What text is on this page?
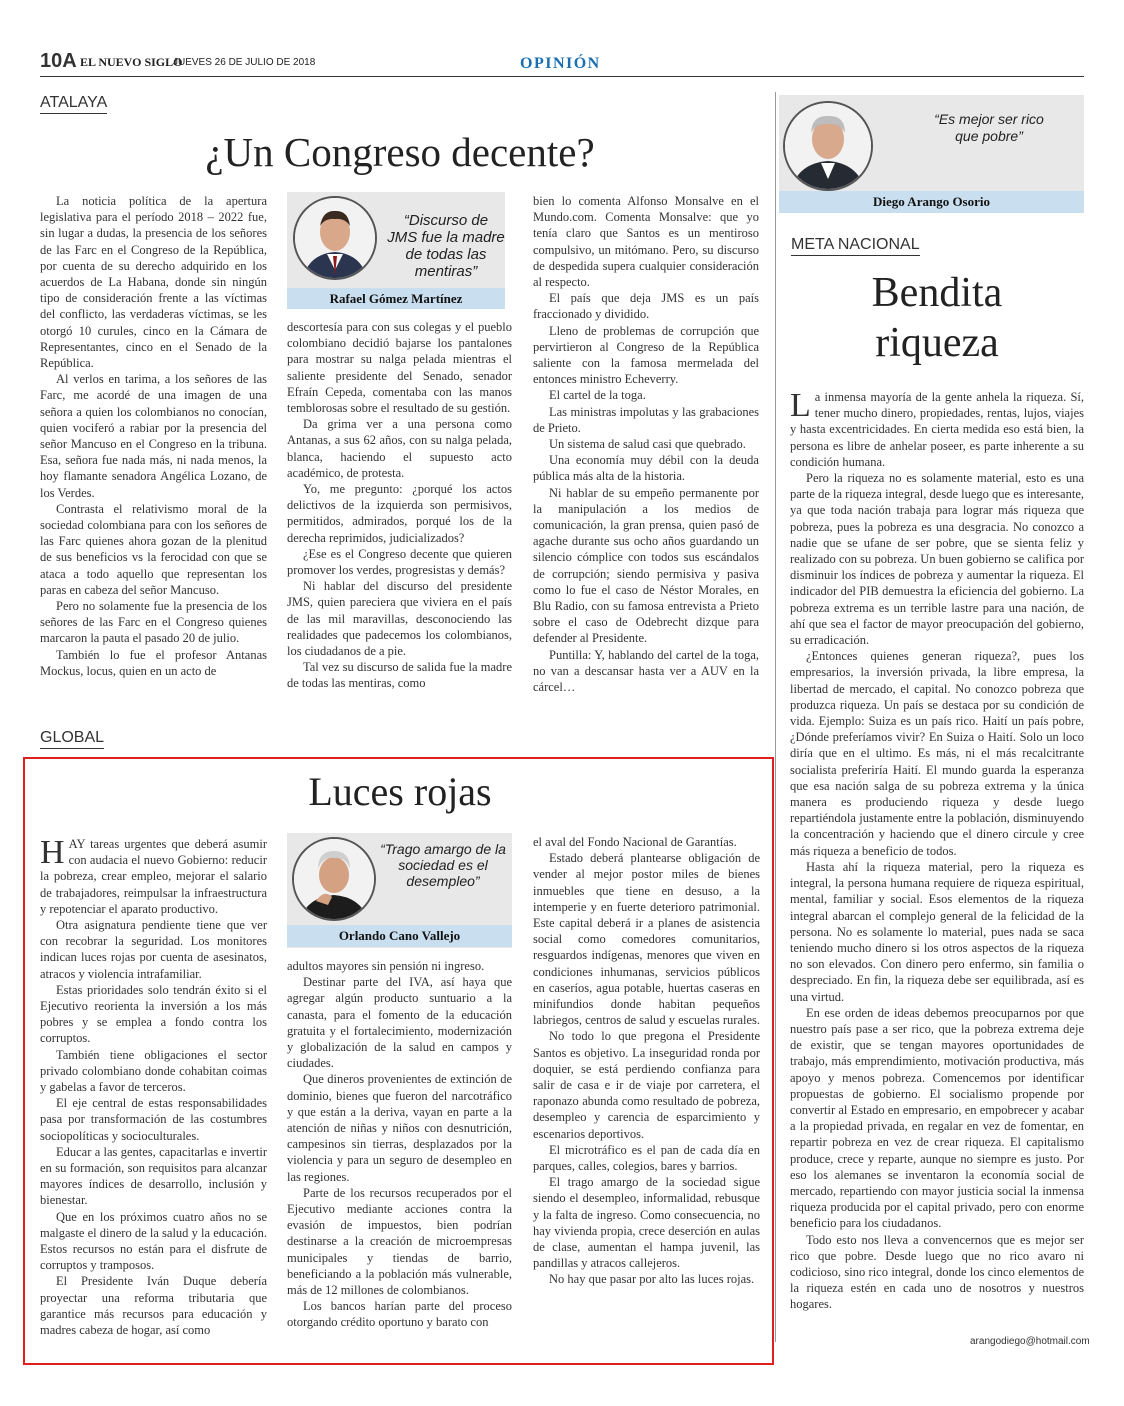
10A EL NUEVO SIGLO
JUEVES 26 DE JULIO DE 2018	OPINIÓN
ATALAYA
¿Un Congreso decente?

La noticia política de la apertura legislativa para el período 2018 – 2022 fue, sin lugar a dudas, la presencia de los señores de las Farc en el Congreso de la República, por cuenta de su derecho adquirido en los acuerdos de La Habana, donde sin ningún tipo de consideración frente a las víctimas del conflicto, las verdaderas víctimas, se les otorgó 10 curules, cinco en la Cámara de Representantes, cinco en el Senado de la República.

Al verlos en tarima, a los señores de las Farc, me acordé de una imagen de una señora a quien los colombianos no conocían, quien vociferó a rabiar por la presencia del señor Mancuso en el Congreso en la tribuna. Esa, señora fue nada más, ni nada menos, la hoy flamante senadora Angélica Lozano, de los Verdes.

Contrasta el relativismo moral de la sociedad colombiana para con los señores de las Farc quienes ahora gozan de la plenitud de sus beneficios vs la ferocidad con que se ataca a todo aquello que representan los paras en cabeza del señor Mancuso.

Pero no solamente fue la presencia de los señores de las Farc en el Congreso quienes marcaron la pauta el pasado 20 de julio.

También lo fue el profesor Antanas Mockus, locus, quien en un acto de

“Discurso de JMS fue la madre de todas las mentiras”
Rafael Gómez Martínez

descortesía para con sus colegas y el pueblo colombiano decidió bajarse los pantalones para mostrar su nalga pelada mientras el saliente presidente del Senado, senador Efraín Cepeda, comentaba con las manos temblorosas sobre el resultado de su gestión.

Da grima ver a una persona como Antanas, a sus 62 años, con su nalga pelada, blanca, haciendo el supuesto acto académico, de protesta.

Yo, me pregunto: ¿porqué los actos delictivos de la izquierda son permisivos, permitidos, admirados, porqué los de la derecha reprimidos, judicializados?

¿Ese es el Congreso decente que quieren promover los verdes, progresistas y demás?

Ni hablar del discurso del presidente JMS, quien pareciera que viviera en el país de las mil maravillas, desconociendo las realidades que padecemos los colombianos, los ciudadanos de a pie.

Tal vez su discurso de salida fue la madre de todas las mentiras, como

bien lo comenta Alfonso Monsalve en el Mundo.com. Comenta Monsalve: que yo tenía claro que Santos es un mentiroso compulsivo, un mitómano. Pero, su discurso de despedida supera cualquier consideración al respecto.

El país que deja JMS es un país fraccionado y dividido.

Lleno de problemas de corrupción que pervirtieron al Congreso de la República saliente con la famosa mermelada del entonces ministro Echeverry.

El cartel de la toga.

Las ministras impolutas y las grabaciones de Prieto.

Un sistema de salud casi que quebrado.

Una economía muy débil con la deuda pública más alta de la historia.

Ni hablar de su empeño permanente por la manipulación a los medios de comunicación, la gran prensa, quien pasó de agache durante sus ocho años guardando un silencio cómplice con todos sus escándalos de corrupción; siendo permisiva y pasiva como lo fue el caso de Néstor Morales, en Blu Radio, con su famosa entrevista a Prieto sobre el caso de Odebrecht dizque para defender al Presidente.

Puntilla: Y, hablando del cartel de la toga, no van a descansar hasta ver a AUV en la cárcel…

GLOBAL
Luces rojas

HAY tareas urgentes que deberá asumir con audacia el nuevo Gobierno: reducir la pobreza, crear empleo, mejorar el salario de trabajadores, reimpulsar la infraestructura y repotenciar el aparato productivo.

Otra asignatura pendiente tiene que ver con recobrar la seguridad. Los monitores indican luces rojas por cuenta de asesinatos, atracos y violencia intrafamiliar.

Estas prioridades solo tendrán éxito si el Ejecutivo reorienta la inversión a los más pobres y se emplea a fondo contra los corruptos.

También tiene obligaciones el sector privado colombiano donde cohabitan coimas y gabelas a favor de terceros.

El eje central de estas responsabilidades pasa por transformación de las costumbres sociopolíticas y socioculturales.

Educar a las gentes, capacitarlas e invertir en su formación, son requisitos para alcanzar mayores índices de desarrollo, inclusión y bienestar.

Que en los próximos cuatro años no se malgaste el dinero de la salud y la educación. Estos recursos no están para el disfrute de corruptos y tramposos.

El Presidente Iván Duque debería proyectar una reforma tributaria que garantice más recursos para educación y madres cabeza de hogar, así como

“Trago amargo de la sociedad es el desempleo”
Orlando Cano Vallejo

adultos mayores sin pensión ni ingreso.

Destinar parte del IVA, así haya que agregar algún producto suntuario a la canasta, para el fomento de la educación gratuita y el fortalecimiento, modernización y globalización de la salud en campos y ciudades.

Que dineros provenientes de extinción de dominio, bienes que fueron del narcotráfico y que están a la deriva, vayan en parte a la atención de niñas y niños con desnutrición, campesinos sin tierras, desplazados por la violencia y para un seguro de desempleo en las regiones.

Parte de los recursos recuperados por el Ejecutivo mediante acciones contra la evasión de impuestos, bien podrían destinarse a la creación de microempresas municipales y tiendas de barrio, beneficiando a la población más vulnerable, más de 12 millones de colombianos.

Los bancos harían parte del proceso otorgando crédito oportuno y barato con

el aval del Fondo Nacional de Garantías.

Estado deberá plantearse obligación de vender al mejor postor miles de bienes inmuebles que tiene en desuso, a la intemperie y en fuerte deterioro patrimonial. Este capital deberá ir a planes de asistencia social como comedores comunitarios, resguardos indígenas, menores que viven en condiciones inhumanas, servicios públicos en caseríos, agua potable, huertas caseras en minifundios donde habitan pequeños labriegos, centros de salud y escuelas rurales.

No todo lo que pregona el Presidente Santos es objetivo. La inseguridad ronda por doquier, se está perdiendo confianza para salir de casa e ir de viaje por carretera, el raponazo abunda como resultado de pobreza, desempleo y carencia de esparcimiento y escenarios deportivos.

El microtráfico es el pan de cada día en parques, calles, colegios, bares y barrios.

El trago amargo de la sociedad sigue siendo el desempleo, informalidad, rebusque y la falta de ingreso. Como consecuencia, no hay vivienda propia, crece deserción en aulas de clase, aumentan el hampa juvenil, las pandillas y atracos callejeros.

No hay que pasar por alto las luces rojas.

“Es mejor ser rico que pobre”
Diego Arango Osorio
META NACIONAL
Bendita
riqueza

La inmensa mayoría de la gente anhela la riqueza. Sí, tener mucho dinero, propiedades, rentas, lujos, viajes y hasta excentricidades. En cierta medida eso está bien, la persona es libre de anhelar poseer, es parte inherente a su condición humana.

Pero la riqueza no es solamente material, esto es una parte de la riqueza integral, desde luego que es interesante, ya que toda nación trabaja para lograr más riqueza que pobreza, pues la pobreza es una desgracia. No conozco a nadie que se ufane de ser pobre, que se sienta feliz y realizado con su pobreza. Un buen gobierno se califica por disminuir los índices de pobreza y aumentar la riqueza. El indicador del PIB demuestra la eficiencia del gobierno. La pobreza extrema es un terrible lastre para una nación, de ahí que sea el factor de mayor preocupación del gobierno, su erradicación.

¿Entonces quienes generan riqueza?, pues los empresarios, la inversión privada, la libre empresa, la libertad de mercado, el capital. No conozco pobreza que produzca riqueza. Un país se destaca por su condición de vida. Ejemplo: Suiza es un país rico. Haití un país pobre, ¿Dónde preferíamos vivir? En Suiza o Haití. Solo un loco diría que en el ultimo. Es más, ni el más recalcitrante socialista preferiría Haití. El mundo guarda la esperanza que esa nación salga de su pobreza extrema y la única manera es produciendo riqueza y desde luego repartiéndola justamente entre la población, disminuyendo la concentración y haciendo que el dinero circule y cree más riqueza a beneficio de todos.

Hasta ahí la riqueza material, pero la riqueza es integral, la persona humana requiere de riqueza espiritual, mental, familiar y social. Esos elementos de la riqueza integral abarcan el complejo general de la felicidad de la persona. No es solamente lo material, pues nada se saca teniendo mucho dinero si los otros aspectos de la riqueza no son elevados. Con dinero pero enfermo, sin familia o despreciado. En fin, la riqueza debe ser equilibrada, así es una virtud.

En ese orden de ideas debemos preocuparnos por que nuestro país pase a ser rico, que la pobreza extrema deje de existir, que se tengan mayores oportunidades de trabajo, más emprendimiento, motivación productiva, más apoyo y menos pobreza. Comencemos por identificar propuestas de gobierno. El socialismo propende por convertir al Estado en empresario, en empobrecer y acabar a la propiedad privada, en regalar en vez de fomentar, en repartir pobreza en vez de crear riqueza. El capitalismo produce, crece y reparte, aunque no siempre es justo. Por eso los alemanes se inventaron la economía social de mercado, repartiendo con mayor justicia social la inmensa riqueza producida por el capital privado, pero con enorme beneficio para los ciudadanos.

Todo esto nos lleva a convencernos que es mejor ser rico que pobre. Desde luego que no rico avaro ni codicioso, sino rico integral, donde los cinco elementos de la riqueza estén en cada uno de nosotros y nuestros hogares.

arangodiego@hotmail.com
